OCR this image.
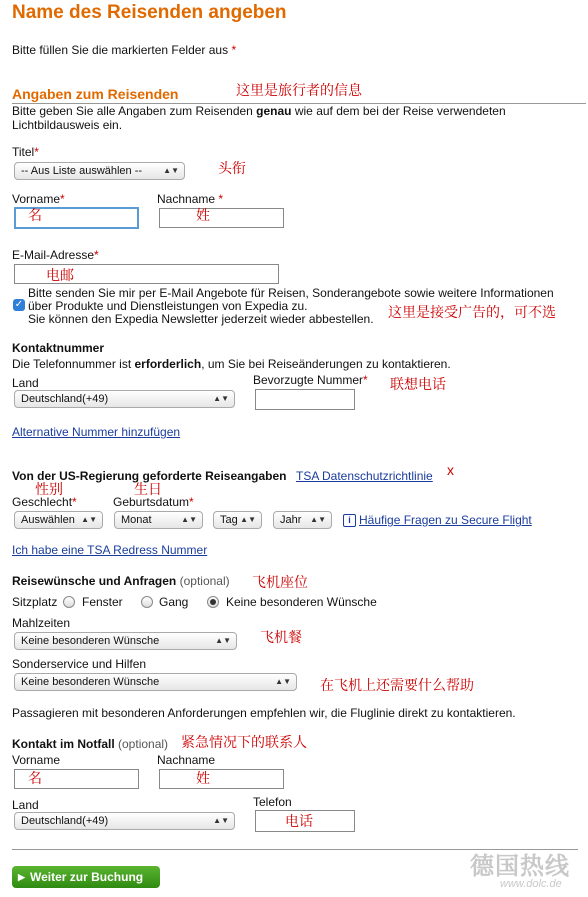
Name des Reisenden angeben
Bitte füllen Sie die markierten Felder aus *
Angaben zum Reisenden	这里是旅行者的信息
Bitte geben Sie alle Angaben zum Reisenden genau wie auf dem bei der Reise verwendeten
Lichtbildausweis ein.
Titel*
-- Aus Liste auswählen --	▲▼	头衔
Vorname*
名
Nachname *
姓
E-Mail-Adresse*
电邮
✓
Bitte senden Sie mir per E-Mail Angebote für Reisen, Sonderangebote sowie weitere Informationen
über Produkte und Dienstleistungen von Expedia zu.
Sie können den Expedia Newsletter jederzeit wieder abbestellen. 这里是接受广告的，可不选
Kontaktnummer
Die Telefonnummer ist erforderlich, um Sie bei Reiseänderungen zu kontaktieren.
Land
Deutschland(+49)	▲▼
Bevorzugte Nummer* 联想电话
Alternative Nummer hinzufügen
Von der US-Regierung geforderte Reiseangaben TSA Datenschutzrichtlinie x
性别	生日
Geschlecht*	Geburtsdatum*
Auswählen ▲▼	Monat	▲▼	Tag ▲▼	Jahr ▲▼	i Häufige Fragen zu Secure Flight
Ich habe eine TSA Redress Nummer
Reisewünsche und Anfragen (optional) 飞机座位
Sitzplatz Fenster	Gang	Keine besonderen Wünsche
Mahlzeiten
Keine besonderen Wünsche	▲▼ 飞机餐
Sonderservice und Hilfen
Keine besonderen Wünsche	▲▼ 在飞机上还需要什么帮助
Passagieren mit besonderen Anforderungen empfehlen wir, die Fluglinie direkt zu kontaktieren.
Kontakt im Notfall (optional) 紧急情况下的联系人
Vorname
名
Nachname
姓
Land
Deutschland(+49)	▲▼
Telefon
电话
▶ Weiter zur Buchung	德国热线
www.dolc.de
